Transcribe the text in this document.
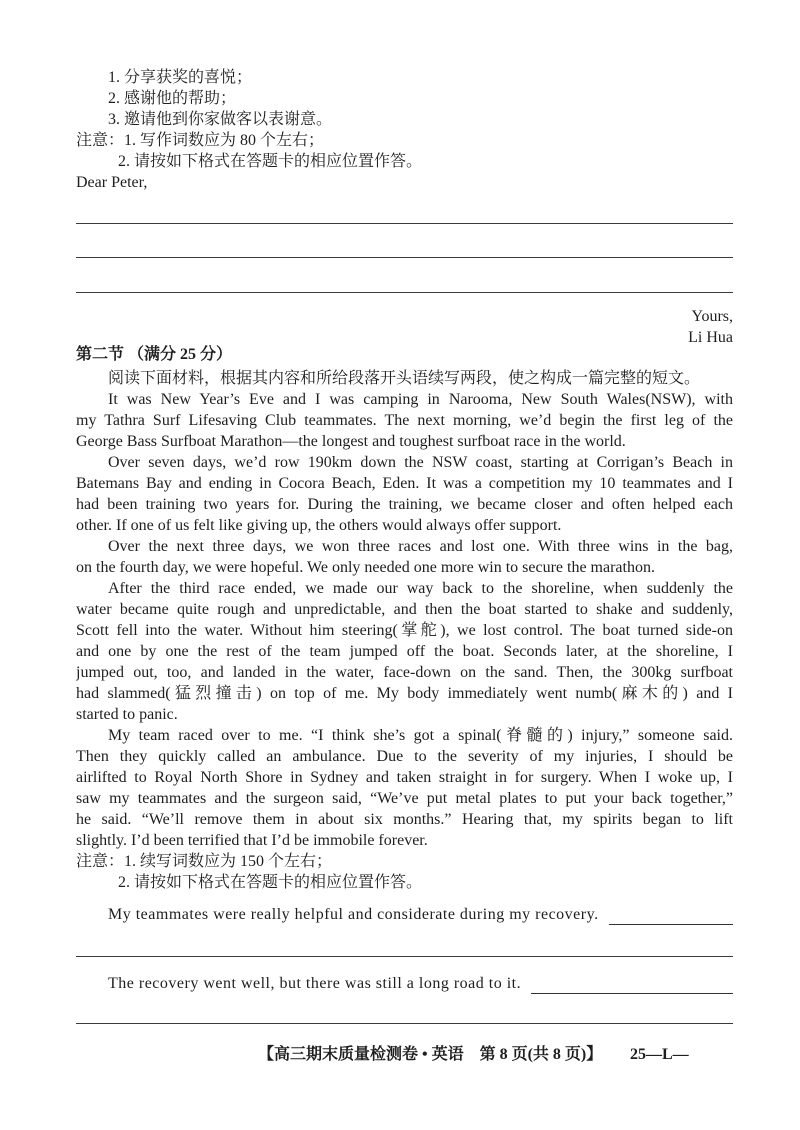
1. 分享获奖的喜悦；
2. 感谢他的帮助；
3. 邀请他到你家做客以表谢意。
注意：1. 写作词数应为 80 个左右；
2. 请按如下格式在答题卡的相应位置作答。
Dear Peter,
Yours,
Li Hua
第二节 （满分 25 分）
阅读下面材料，根据其内容和所给段落开头语续写两段，使之构成一篇完整的短文。
It was New Year’s Eve and I was camping in Narooma, New South Wales(NSW), with
my Tathra Surf Lifesaving Club teammates. The next morning, we’d begin the first leg of the
George Bass Surfboat Marathon—the longest and toughest surfboat race in the world.
Over seven days, we’d row 190km down the NSW coast, starting at Corrigan’s Beach in
Batemans Bay and ending in Cocora Beach, Eden. It was a competition my 10 teammates and I
had been training two years for. During the training, we became closer and often helped each
other. If one of us felt like giving up, the others would always offer support.
Over the next three days, we won three races and lost one. With three wins in the bag,
on the fourth day, we were hopeful. We only needed one more win to secure the marathon.
After the third race ended, we made our way back to the shoreline, when suddenly the
water became quite rough and unpredictable, and then the boat started to shake and suddenly,
Scott fell into the water. Without him steering(掌舵), we lost control. The boat turned side-on
and one by one the rest of the team jumped off the boat. Seconds later, at the shoreline, I
jumped out, too, and landed in the water, face-down on the sand. Then, the 300kg surfboat
had slammed(猛烈撞击) on top of me. My body immediately went numb(麻木的) and I
started to panic.
My team raced over to me. “I think she’s got a spinal(脊髓的) injury,” someone said.
Then they quickly called an ambulance. Due to the severity of my injuries, I should be
airlifted to Royal North Shore in Sydney and taken straight in for surgery. When I woke up, I
saw my teammates and the surgeon said, “We’ve put metal plates to put your back together,”
he said. “We’ll remove them in about six months.” Hearing that, my spirits began to lift
slightly. I’d been terrified that I’d be immobile forever.
注意：1. 续写词数应为 150 个左右；
2. 请按如下格式在答题卡的相应位置作答。
My teammates were really helpful and considerate during my recovery.
The recovery went well, but there was still a long road to it.
【高三期末质量检测卷 • 英语　第 8 页(共 8 页)】 25—L—
